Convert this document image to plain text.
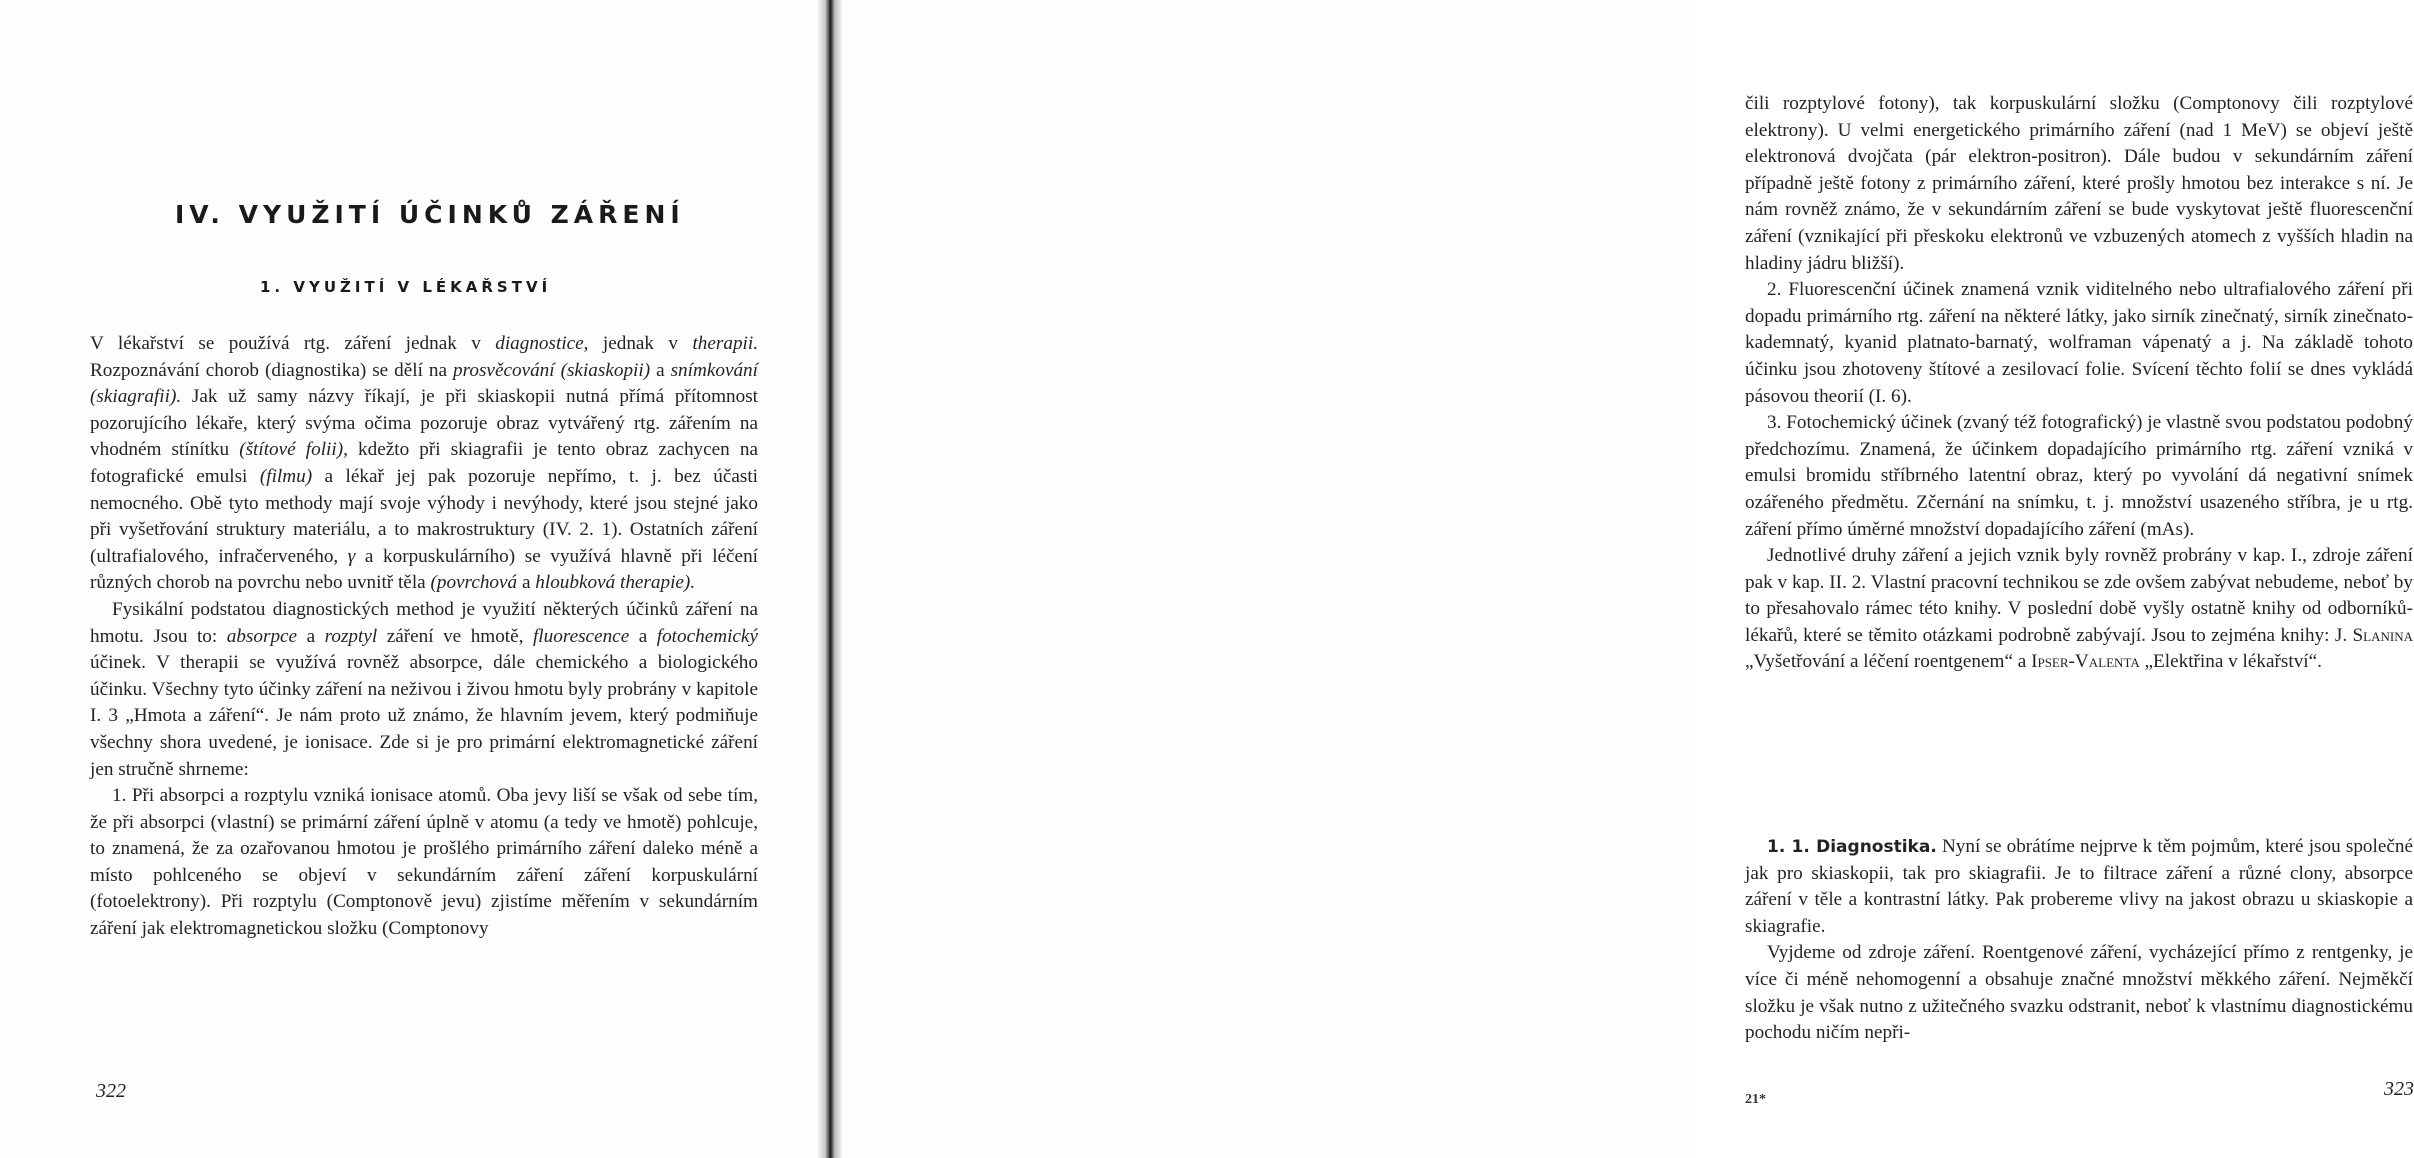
IV. VYUŽITÍ ÚČINKŮ ZÁŘENÍ
1. VYUŽITÍ V LÉKAŘSTVÍ

V lékařství se používá rtg. záření jednak v diagnostice, jednak v therapii. Rozpoznávání chorob (diagnostika) se dělí na prosvěcování (skiaskopii) a snímkování (skiagrafii). Jak už samy názvy říkají, je při skiaskopii nutná přímá přítomnost pozorujícího lékaře, který svýma očima pozoruje obraz vytvářený rtg. zářením na vhodném stínítku (štítové folii), kdežto při skiagrafii je tento obraz zachycen na fotografické emulsi (filmu) a lékař jej pak pozoruje nepřímo, t. j. bez účasti nemocného. Obě tyto methody mají svoje výhody i nevýhody, které jsou stejné jako při vyšetřování struktury materiálu, a to makrostruktury (IV. 2. 1). Ostatních záření (ultrafialového, infračerveného, γ a korpuskulárního) se využívá hlavně při léčení různých chorob na povrchu nebo uvnitř těla (povrchová a hloubková therapie).

Fysikální podstatou diagnostických method je využití některých účinků záření na hmotu. Jsou to: absorpce a rozptyl záření ve hmotě, fluorescence a fotochemický účinek. V therapii se využívá rovněž absorpce, dále chemického a biologického účinku. Všechny tyto účinky záření na neživou i živou hmotu byly probrány v kapitole I. 3 „Hmota a záření“. Je nám proto už známo, že hlavním jevem, který podmiňuje všechny shora uvedené, je ionisace. Zde si je pro primární elektromagnetické záření jen stručně shrneme:

1. Při absorpci a rozptylu vzniká ionisace atomů. Oba jevy liší se však od sebe tím, že při absorpci (vlastní) se primární záření úplně v atomu (a tedy ve hmotě) pohlcuje, to znamená, že za ozařovanou hmotou je prošlého primárního záření daleko méně a místo pohlceného se objeví v sekundárním záření záření korpuskulární (fotoelektrony). Při rozptylu (Comptonově jevu) zjistíme měřením v sekundárním záření jak elektromagnetickou složku (Comptonovy

322

čili rozptylové fotony), tak korpuskulární složku (Comptonovy čili rozptylové elektrony). U velmi energetického primárního záření (nad 1 MeV) se objeví ještě elektronová dvojčata (pár elektron-positron). Dále budou v sekundárním záření případně ještě fotony z primárního záření, které prošly hmotou bez interakce s ní. Je nám rovněž známo, že v sekundárním záření se bude vyskytovat ještě fluorescenční záření (vznikající při přeskoku elektronů ve vzbuzených atomech z vyšších hladin na hladiny jádru bližší).

2. Fluorescenční účinek znamená vznik viditelného nebo ultrafialového záření při dopadu primárního rtg. záření na některé látky, jako sirník zinečnatý, sirník zinečnato-kademnatý, kyanid platnato-barnatý, wolframan vápenatý a j. Na základě tohoto účinku jsou zhotoveny štítové a zesilovací folie. Svícení těchto folií se dnes vykládá pásovou theorií (I. 6).

3. Fotochemický účinek (zvaný též fotografický) je vlastně svou podstatou podobný předchozímu. Znamená, že účinkem dopadajícího primárního rtg. záření vzniká v emulsi bromidu stříbrného latentní obraz, který po vyvolání dá negativní snímek ozářeného předmětu. Zčernání na snímku, t. j. množství usazeného stříbra, je u rtg. záření přímo úměrné množství dopadajícího záření (mAs).

Jednotlivé druhy záření a jejich vznik byly rovněž probrány v kap. I., zdroje záření pak v kap. II. 2. Vlastní pracovní technikou se zde ovšem zabývat nebudeme, neboť by to přesahovalo rámec této knihy. V poslední době vyšly ostatně knihy od odborníků-lékařů, které se těmito otázkami podrobně zabývají. Jsou to zejména knihy: J. Slanina „Vyšetřování a léčení roentgenem“ a Ipser-Valenta „Elektřina v lékařství“.

1. 1. Diagnostika. Nyní se obrátíme nejprve k těm pojmům, které jsou společné jak pro skiaskopii, tak pro skiagrafii. Je to filtrace záření a různé clony, absorpce záření v těle a kontrastní látky. Pak probereme vlivy na jakost obrazu u skiaskopie a skiagrafie.

Vyjdeme od zdroje záření. Roentgenové záření, vycházející přímo z rentgenky, je více či méně nehomogenní a obsahuje značné množství měkkého záření. Nejměkčí složku je však nutno z užitečného svazku odstranit, neboť k vlastnímu diagnostickému pochodu ničím nepři-

21*	323
